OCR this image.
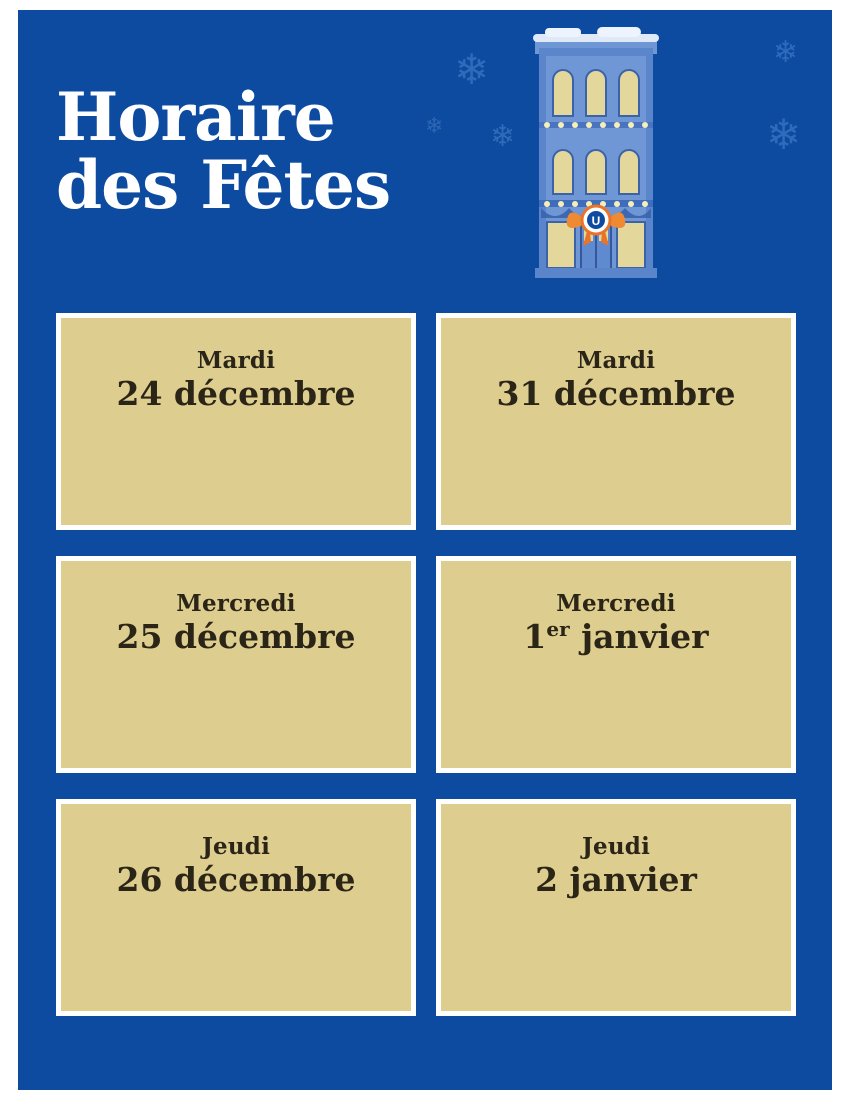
Horaire
des Fêtes
❄
❄ ❄
❄
❄
U
Mardi
24 décembre
Mardi
31 décembre
Mercredi
25 décembre
Mercredi
1er janvier
Jeudi
26 décembre
Jeudi
2 janvier
